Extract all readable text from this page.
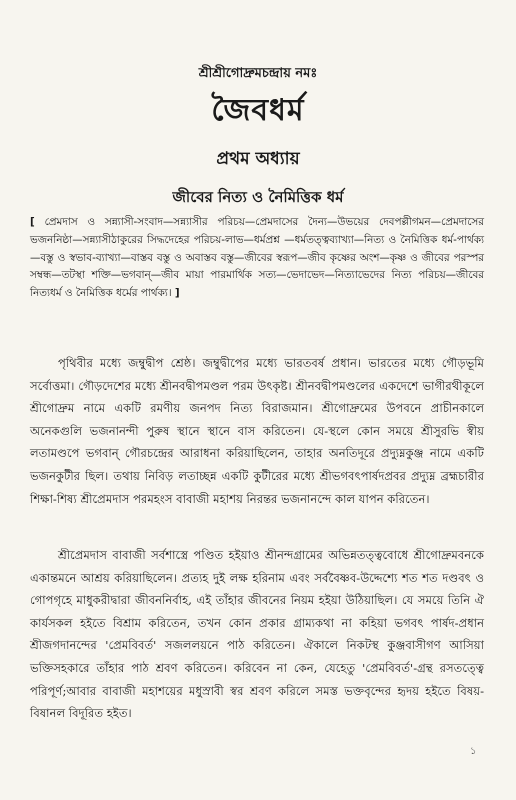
শ্রীশ্রীগোদ্রুমচন্দ্রায় নমঃ
জৈবধর্ম
প্রথম অধ্যায়
জীবের নিত্য ও নৈমিত্তিক ধর্ম
[ প্রেমদাস ও সন্ন্যাসী-সংবাদ—সন্ন্যাসীর পরিচয়—প্রেমদাসের দৈন্য—উভয়ের দেবপল্লীগমন—প্রেমদাসের ভজননিষ্ঠা—সন্ন্যাসীঠাকুরের সিদ্ধদেহের পরিচয়-লাভ—ধর্মপ্রশ্ন —ধর্মতত্ত্বব্যাখ্যা—নিত্য ও নৈমিত্তিক ধর্ম-পার্থক্য—বস্তু ও স্বভাব-ব্যাখ্যা—বাস্তব বস্তু ও অবাস্তব বস্তু—জীবের স্বরূপ—জীব কৃষ্ণের অংশ—কৃষ্ণ ও জীবের পরস্পর সম্বন্ধ—তটস্থা শক্তি—ভগবান্—জীব মায়া পারমার্থিক সত্য—ভেদাভেদ—নিত্যাভেদের নিত্য পরিচয়—জীবের নিত্যধর্ম ও নৈমিত্তিক ধর্মের পার্থক্য। ]

পৃথিবীর মধ্যে জম্বুদ্বীপ শ্রেষ্ঠ। জম্বুদ্বীপের মধ্যে ভারতবর্ষ প্রধান। ভারতের মধ্যে গৌড়ভূমি সর্বোত্তমা। গৌড়দেশের মধ্যে শ্রীনবদ্বীপমণ্ডল পরম উৎকৃষ্ট। শ্রীনবদ্বীপমণ্ডলের একদেশে ভাগীরথীকূলে শ্রীগোদ্রুম নামে একটি রমণীয় জনপদ নিত্য বিরাজমান। শ্রীগোদ্রুমের উপবনে প্রাচীনকালে অনেকগুলি ভজনানন্দী পুরুষ স্থানে স্থানে বাস করিতেন। যে-স্থলে কোন সময়ে শ্রীসুরভি স্বীয় লতামণ্ডপে ভগবান্ গৌরচন্দ্রের আরাধনা করিয়াছিলেন, তাহার অনতিদূরে প্রদ্যুম্নকুঞ্জ নামে একটি ভজনকুটীর ছিল। তথায় নিবিড় লতাচ্ছন্ন একটি কুটীরের মধ্যে শ্রীভগবৎপার্ষদপ্রবর প্রদ্যুম্ন ব্রহ্মচারীর শিক্ষা-শিষ্য শ্রীপ্রেমদাস পরমহংস বাবাজী মহাশয় নিরন্তর ভজনানন্দে কাল যাপন করিতেন।

শ্রীপ্রেমদাস বাবাজী সর্বশাস্ত্রে পণ্ডিত হইয়াও শ্রীনন্দগ্রামের অভিন্নতত্ত্ববোধে শ্রীগোদ্রুমবনকে একান্তমনে আশ্রয় করিয়াছিলেন। প্রত্যহ দুই লক্ষ হরিনাম এবং সর্ববৈষ্ণব-উদ্দেশ্যে শত শত দণ্ডবৎ ও গোপগৃহে মাধুকরীদ্বারা জীবননির্বাহ, এই তাঁহার জীবনের নিয়ম হইয়া উঠিয়াছিল। যে সময়ে তিনি ঐ কার্যসকল হইতে বিশ্রাম করিতেন, তখন কোন প্রকার গ্রাম্যকথা না কহিয়া ভগবৎ পার্ষদ-প্রধান শ্রীজগদানন্দের 'প্রেমবিবর্ত' সজললয়নে পাঠ করিতেন। ঐকালে নিকটস্থ কুঞ্জবাসীগণ আসিয়া ভক্তিসহকারে তাঁহার পাঠ শ্রবণ করিতেন। করিবেন না কেন, যেহেতু 'প্রেমবিবর্ত'-গ্রন্থ রসতত্ত্বে পরিপূর্ণ;আবার বাবাজী মহাশয়ের মধুস্রাবী স্বর শ্রবণ করিলে সমস্ত ভক্তবৃন্দের হৃদয় হইতে বিষয়-বিষানল বিদূরিত হইত।

১
